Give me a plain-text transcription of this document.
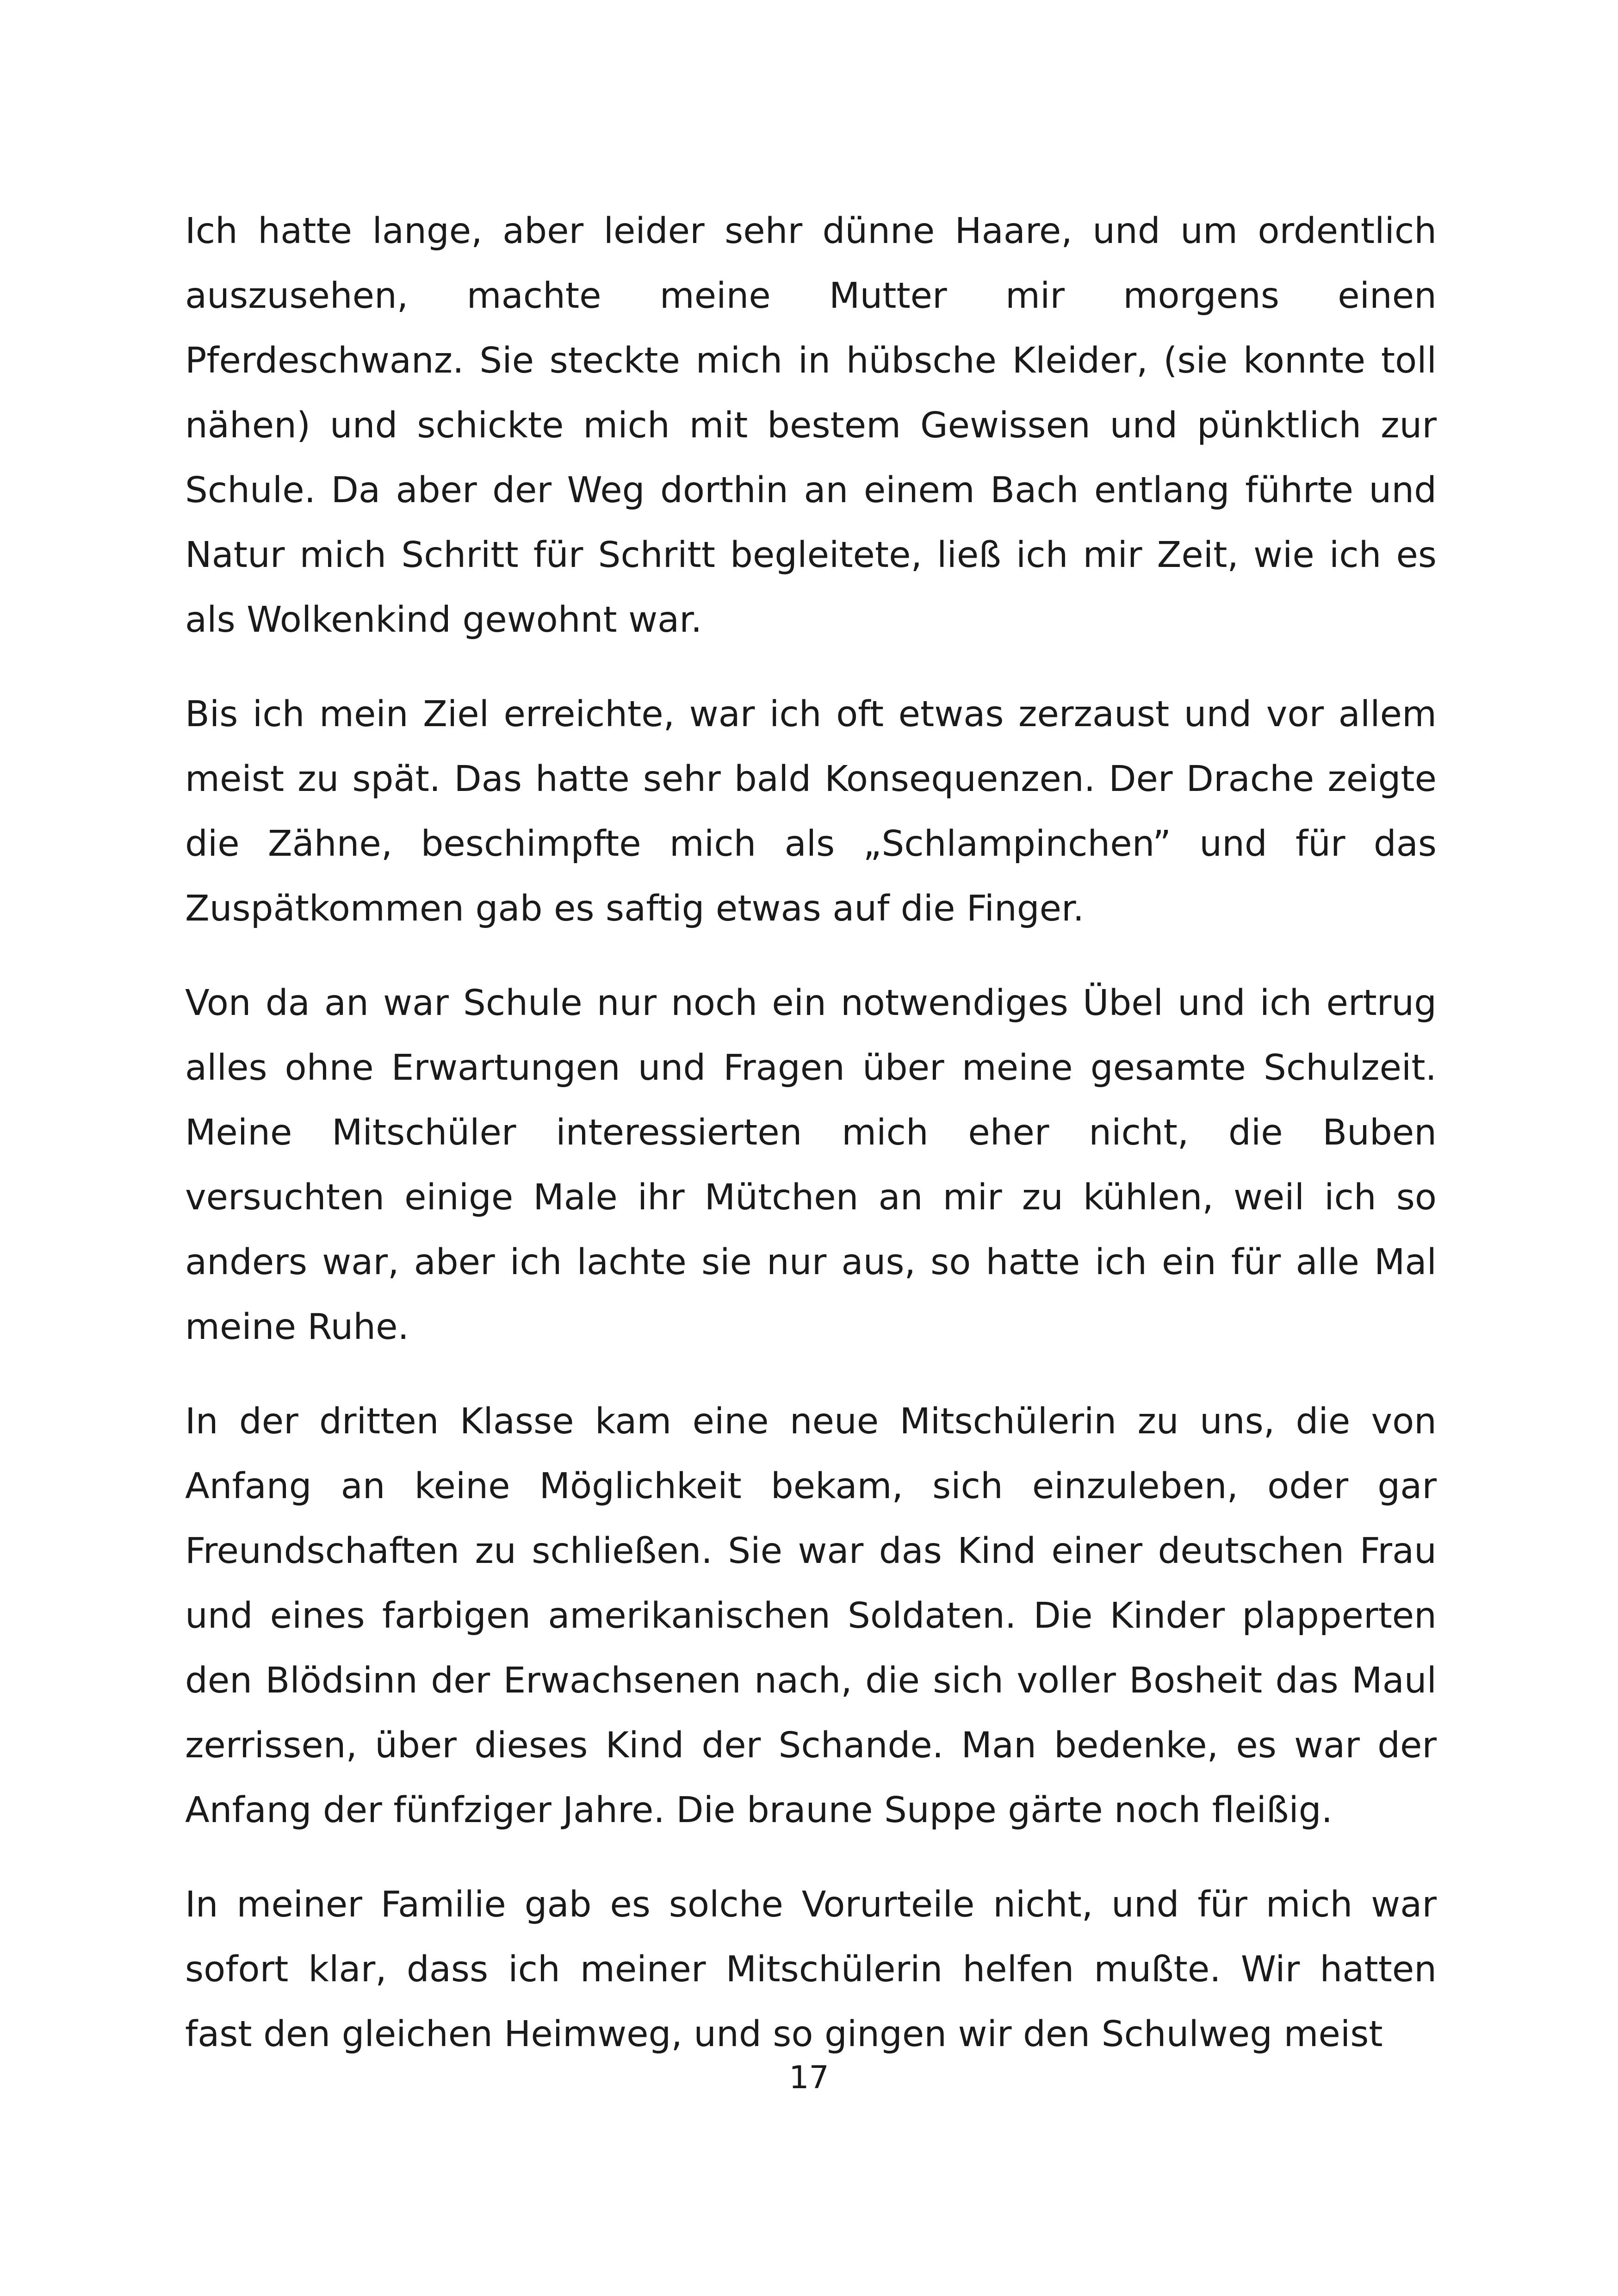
Ich hatte lange, aber leider sehr dünne Haare, und um ordentlich auszusehen, machte meine Mutter mir morgens einen Pferdeschwanz. Sie steckte mich in hübsche Kleider, (sie konnte toll nähen) und schickte mich mit bestem Gewissen und pünktlich zur Schule. Da aber der Weg dorthin an einem Bach entlang führte und Natur mich Schritt für Schritt begleitete, ließ ich mir Zeit, wie ich es als Wolkenkind gewohnt war.

Bis ich mein Ziel erreichte, war ich oft etwas zerzaust und vor allem meist zu spät. Das hatte sehr bald Konsequenzen. Der Drache zeigte die Zähne, beschimpfte mich als „Schlampinchen” und für das Zuspätkommen gab es saftig etwas auf die Finger.

Von da an war Schule nur noch ein notwendiges Übel und ich ertrug alles ohne Erwartungen und Fragen über meine gesamte Schulzeit. Meine Mitschüler interessierten mich eher nicht, die Buben versuchten einige Male ihr Mütchen an mir zu kühlen, weil ich so anders war, aber ich lachte sie nur aus, so hatte ich ein für alle Mal meine Ruhe.

In der dritten Klasse kam eine neue Mitschülerin zu uns, die von Anfang an keine Möglichkeit bekam, sich einzuleben, oder gar Freundschaften zu schließen. Sie war das Kind einer deutschen Frau und eines farbigen amerikanischen Soldaten. Die Kinder plapperten den Blödsinn der Erwachsenen nach, die sich voller Bosheit das Maul zerrissen, über dieses Kind der Schande. Man bedenke, es war der Anfang der fünfziger Jahre. Die braune Suppe gärte noch fleißig.

In meiner Familie gab es solche Vorurteile nicht, und für mich war sofort klar, dass ich meiner Mitschülerin helfen mußte. Wir hatten fast den gleichen Heimweg, und so gingen wir den Schulweg meist

17
